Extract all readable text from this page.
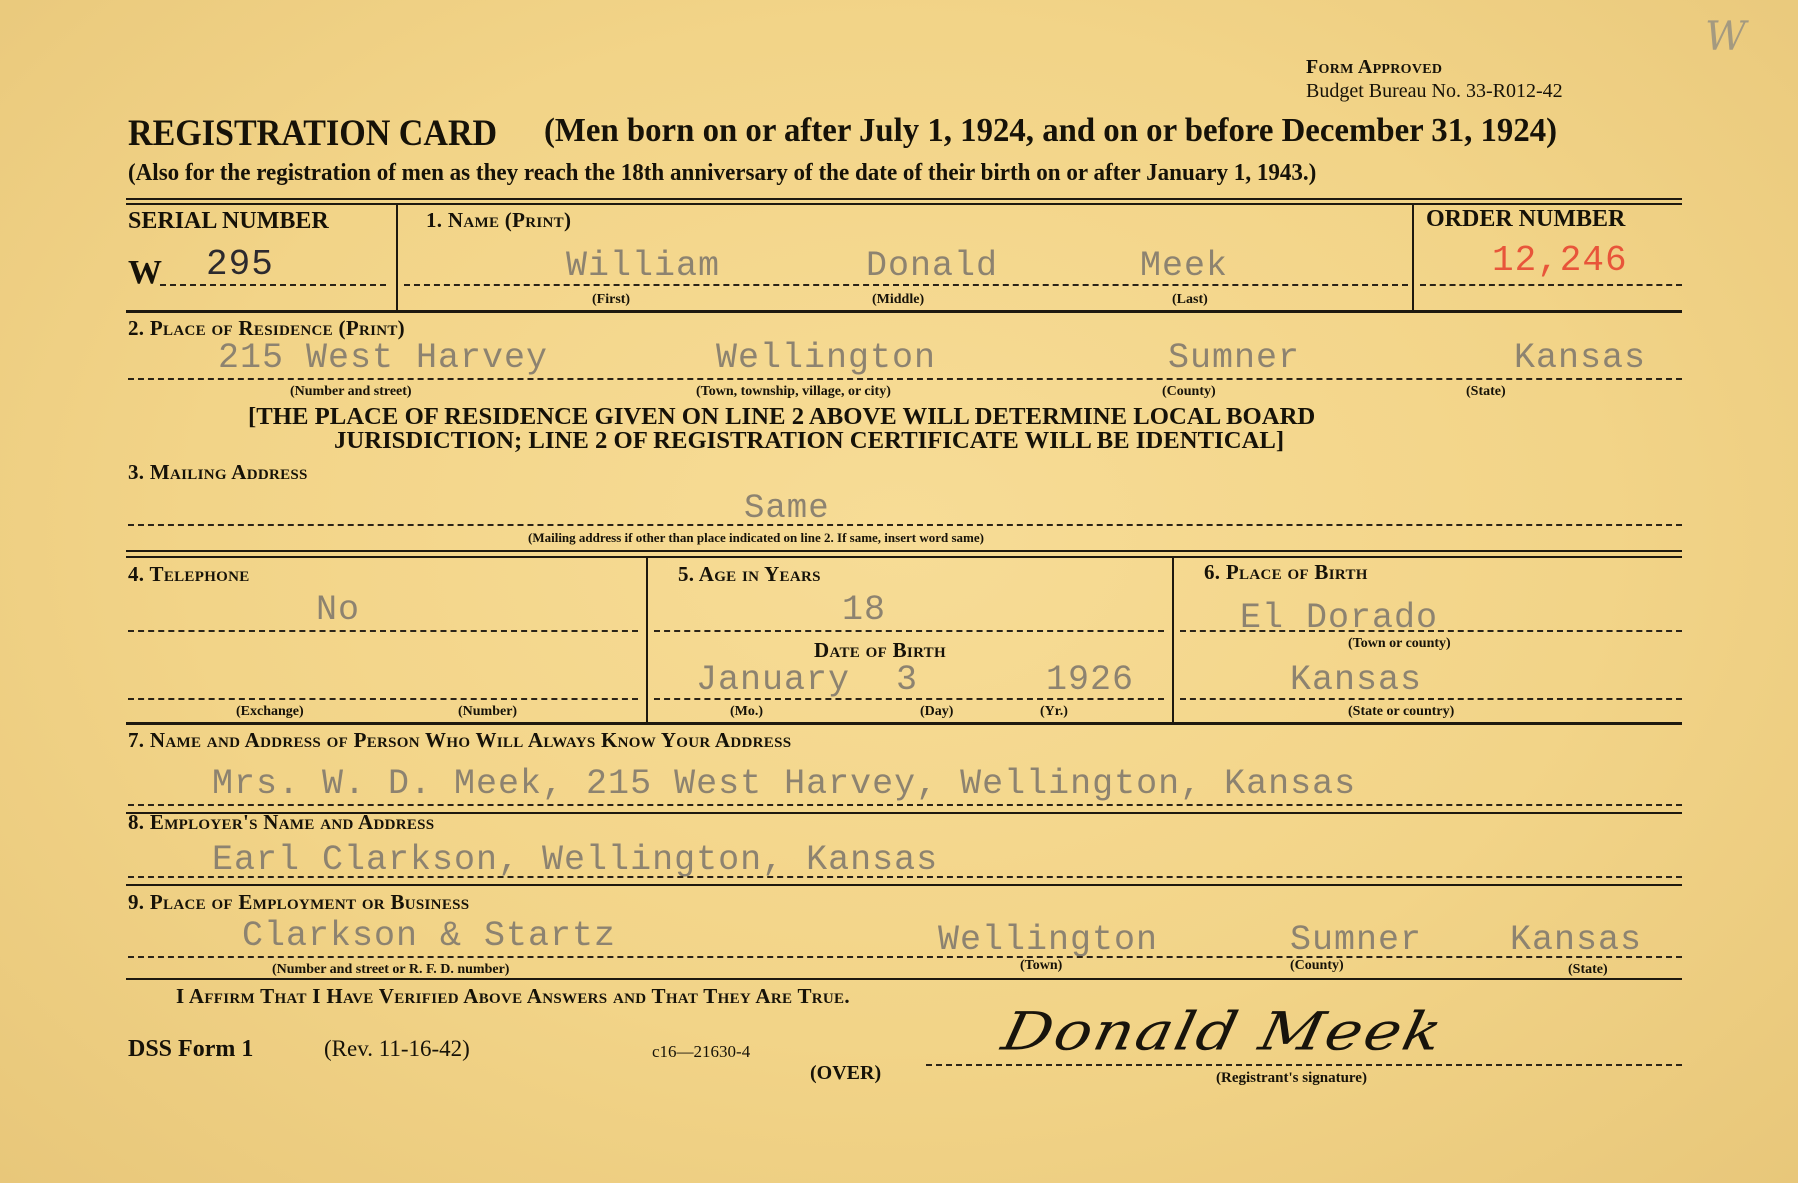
Form Approved
Budget Bureau No. 33-R012-42
W
REGISTRATION CARD (Men born on or after July 1, 1924, and on or before December 31, 1924)
(Also for the registration of men as they reach the 18th anniversary of the date of their birth on or after January 1, 1943.)
SERIAL NUMBER
W 295
1. Name (Print)
William	Donald	Meek
(First)	(Middle)	(Last)
ORDER NUMBER
12,246
2. Place of Residence (Print)
215 West Harvey	Wellington	Sumner	Kansas
(Number and street)	(Town, township, village, or city)	(County)	(State)
[THE PLACE OF RESIDENCE GIVEN ON LINE 2 ABOVE WILL DETERMINE LOCAL BOARD
JURISDICTION; LINE 2 OF REGISTRATION CERTIFICATE WILL BE IDENTICAL]
3. Mailing Address
Same
(Mailing address if other than place indicated on line 2. If same, insert word same)
4. Telephone
No
(Exchange)	(Number)
5. Age in Years
18
Date of Birth
January 3	1926
(Mo.)	(Day)	(Yr.)
6. Place of Birth
El Dorado
(Town or county)
Kansas
(State or country)
7. Name and Address of Person Who Will Always Know Your Address
Mrs. W. D. Meek, 215 West Harvey, Wellington, Kansas
8. Employer's Name and Address
Earl Clarkson, Wellington, Kansas
9. Place of Employment or Business
Clarkson & Startz	Wellington	Sumner	Kansas
(Number and street or R. F. D. number)	(Town)	(County)	(State)
I Affirm That I Have Verified Above Answers and That They Are True.
DSS Form 1	(Rev. 11-16-42)	c16—21630-4
(OVER)
Donald Meek
(Registrant's signature)
